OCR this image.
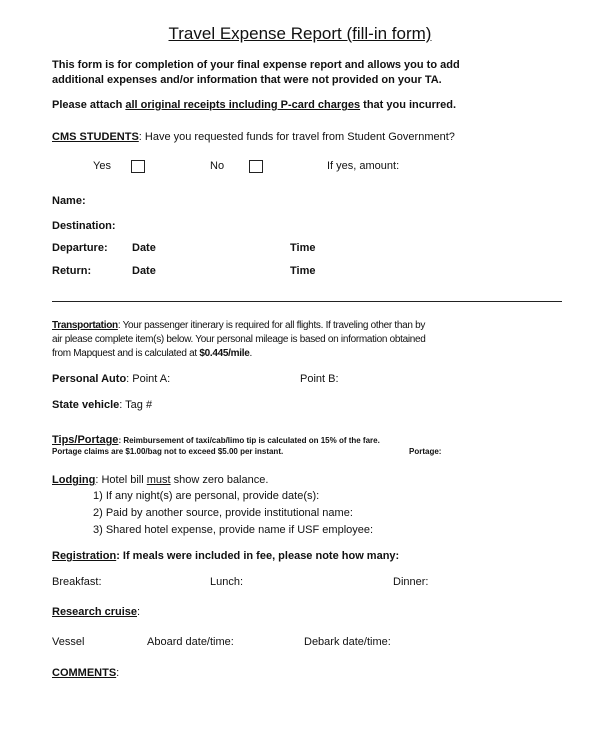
Travel Expense Report (fill-in form)
This form is for completion of your final expense report and allows you to add
additional expenses and/or information that were not provided on your TA.
Please attach all original receipts including P-card charges that you incurred.
CMS STUDENTS: Have you requested funds for travel from Student Government?
Yes	No	If yes, amount:
Name:
Destination:
Departure: Date	Time
Return:	Date	Time
Transportation: Your passenger itinerary is required for all flights. If traveling other than by
air please complete item(s) below. Your personal mileage is based on information obtained
from Mapquest and is calculated at $0.445/mile.
Personal Auto: Point A:	Point B:
State vehicle: Tag #
Tips/Portage: Reimbursement of taxi/cab/limo tip is calculated on 15% of the fare.
Portage claims are $1.00/bag not to exceed $5.00 per instant.	Portage:
Lodging: Hotel bill must show zero balance.
1) If any night(s) are personal, provide date(s):
2) Paid by another source, provide institutional name:
3) Shared hotel expense, provide name if USF employee:
Registration: If meals were included in fee, please note how many:
Breakfast:	Lunch:	Dinner:
Research cruise:
Vessel	Aboard date/time:	Debark date/time:
COMMENTS:
